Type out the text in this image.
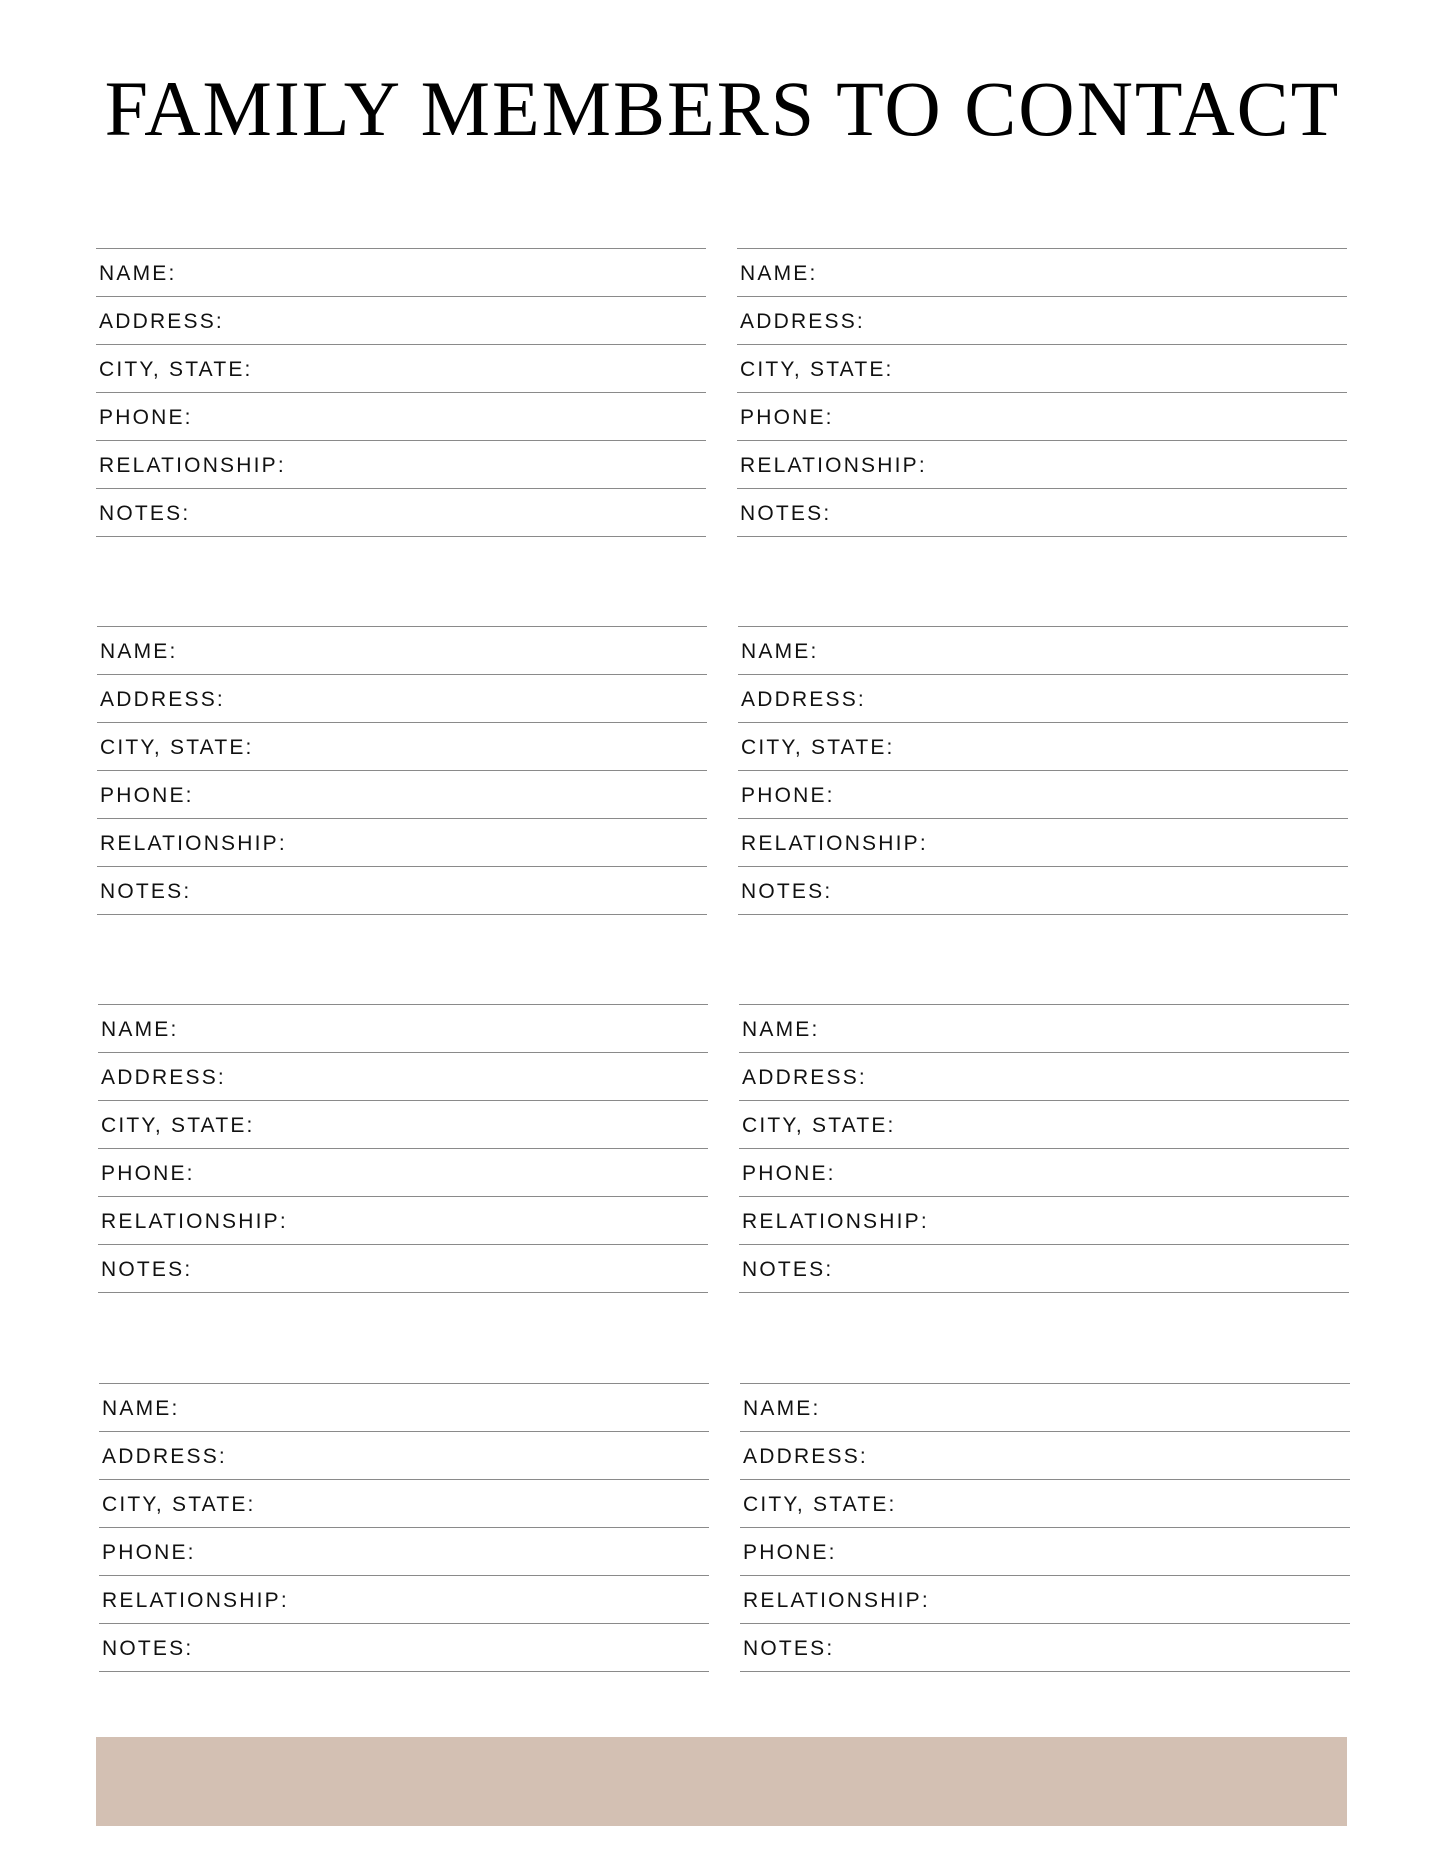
FAMILY MEMBERS TO CONTACT
NAME:
ADDRESS:
CITY, STATE:
PHONE:
RELATIONSHIP:
NOTES:
NAME:
ADDRESS:
CITY, STATE:
PHONE:
RELATIONSHIP:
NOTES:
NAME:
ADDRESS:
CITY, STATE:
PHONE:
RELATIONSHIP:
NOTES:
NAME:
ADDRESS:
CITY, STATE:
PHONE:
RELATIONSHIP:
NOTES:
NAME:
ADDRESS:
CITY, STATE:
PHONE:
RELATIONSHIP:
NOTES:
NAME:
ADDRESS:
CITY, STATE:
PHONE:
RELATIONSHIP:
NOTES:
NAME:
ADDRESS:
CITY, STATE:
PHONE:
RELATIONSHIP:
NOTES:
NAME:
ADDRESS:
CITY, STATE:
PHONE:
RELATIONSHIP:
NOTES:
